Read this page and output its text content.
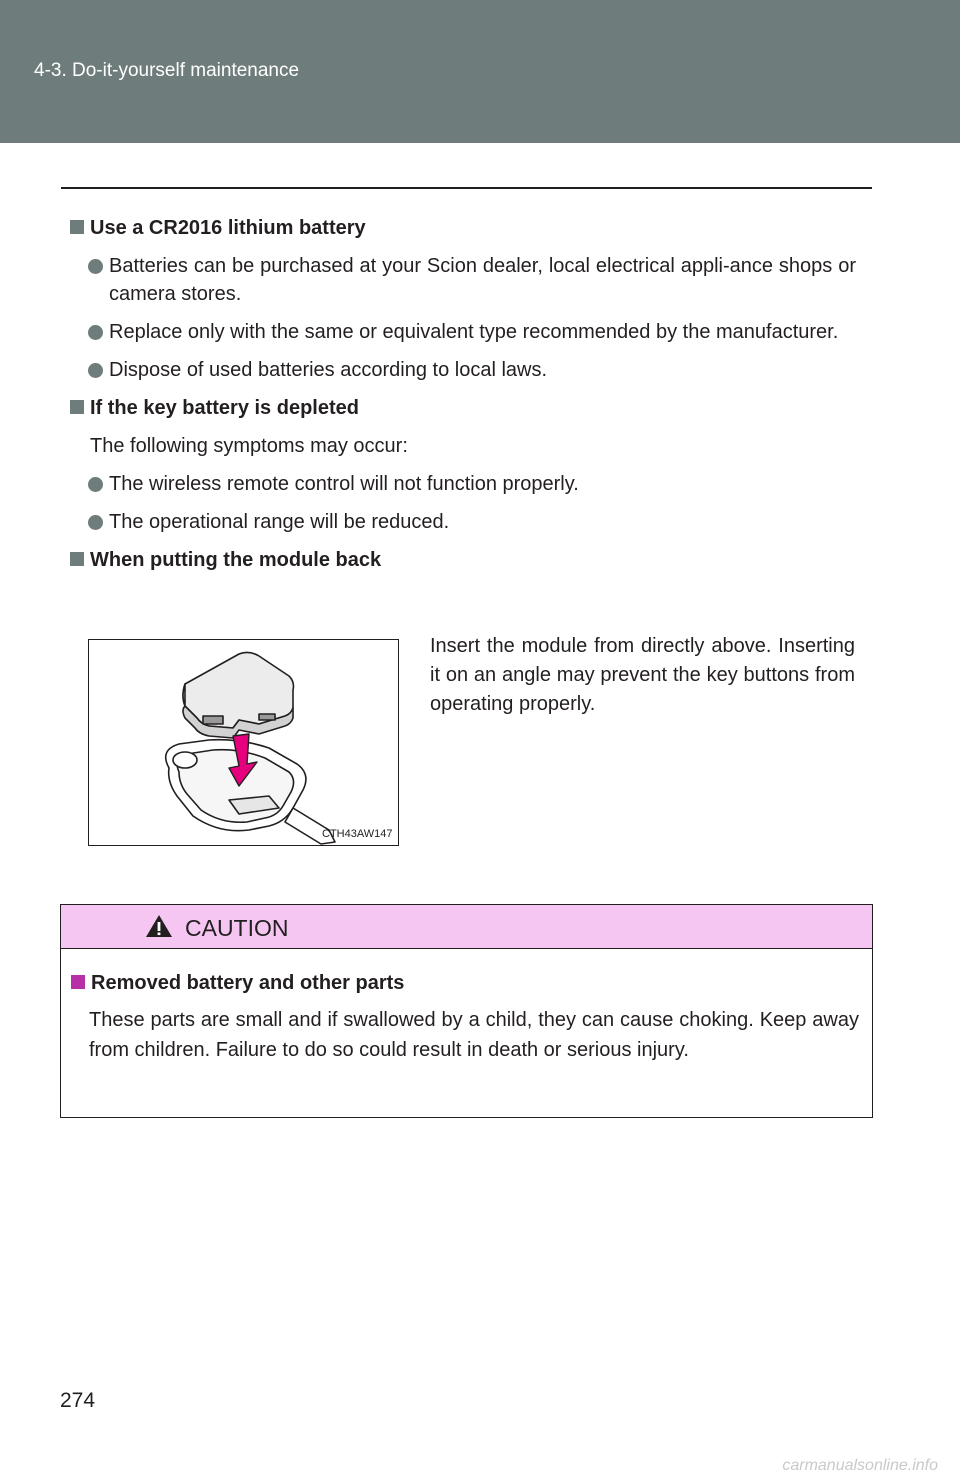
4-3. Do-it-yourself maintenance
Use a CR2016 lithium battery
Batteries can be purchased at your Scion dealer, local electrical appli-ance shops or camera stores.
Replace only with the same or equivalent type recommended by the manufacturer.
Dispose of used batteries according to local laws.
If the key battery is depleted
The following symptoms may occur:
The wireless remote control will not function properly.
The operational range will be reduced.
When putting the module back
CTH43AW147
Insert the module from directly above. Inserting it on an angle may prevent the key buttons from operating properly.
CAUTION
Removed battery and other parts
These parts are small and if swallowed by a child, they can cause choking. Keep away from children. Failure to do so could result in death or serious injury.
274
carmanualsonline.info
